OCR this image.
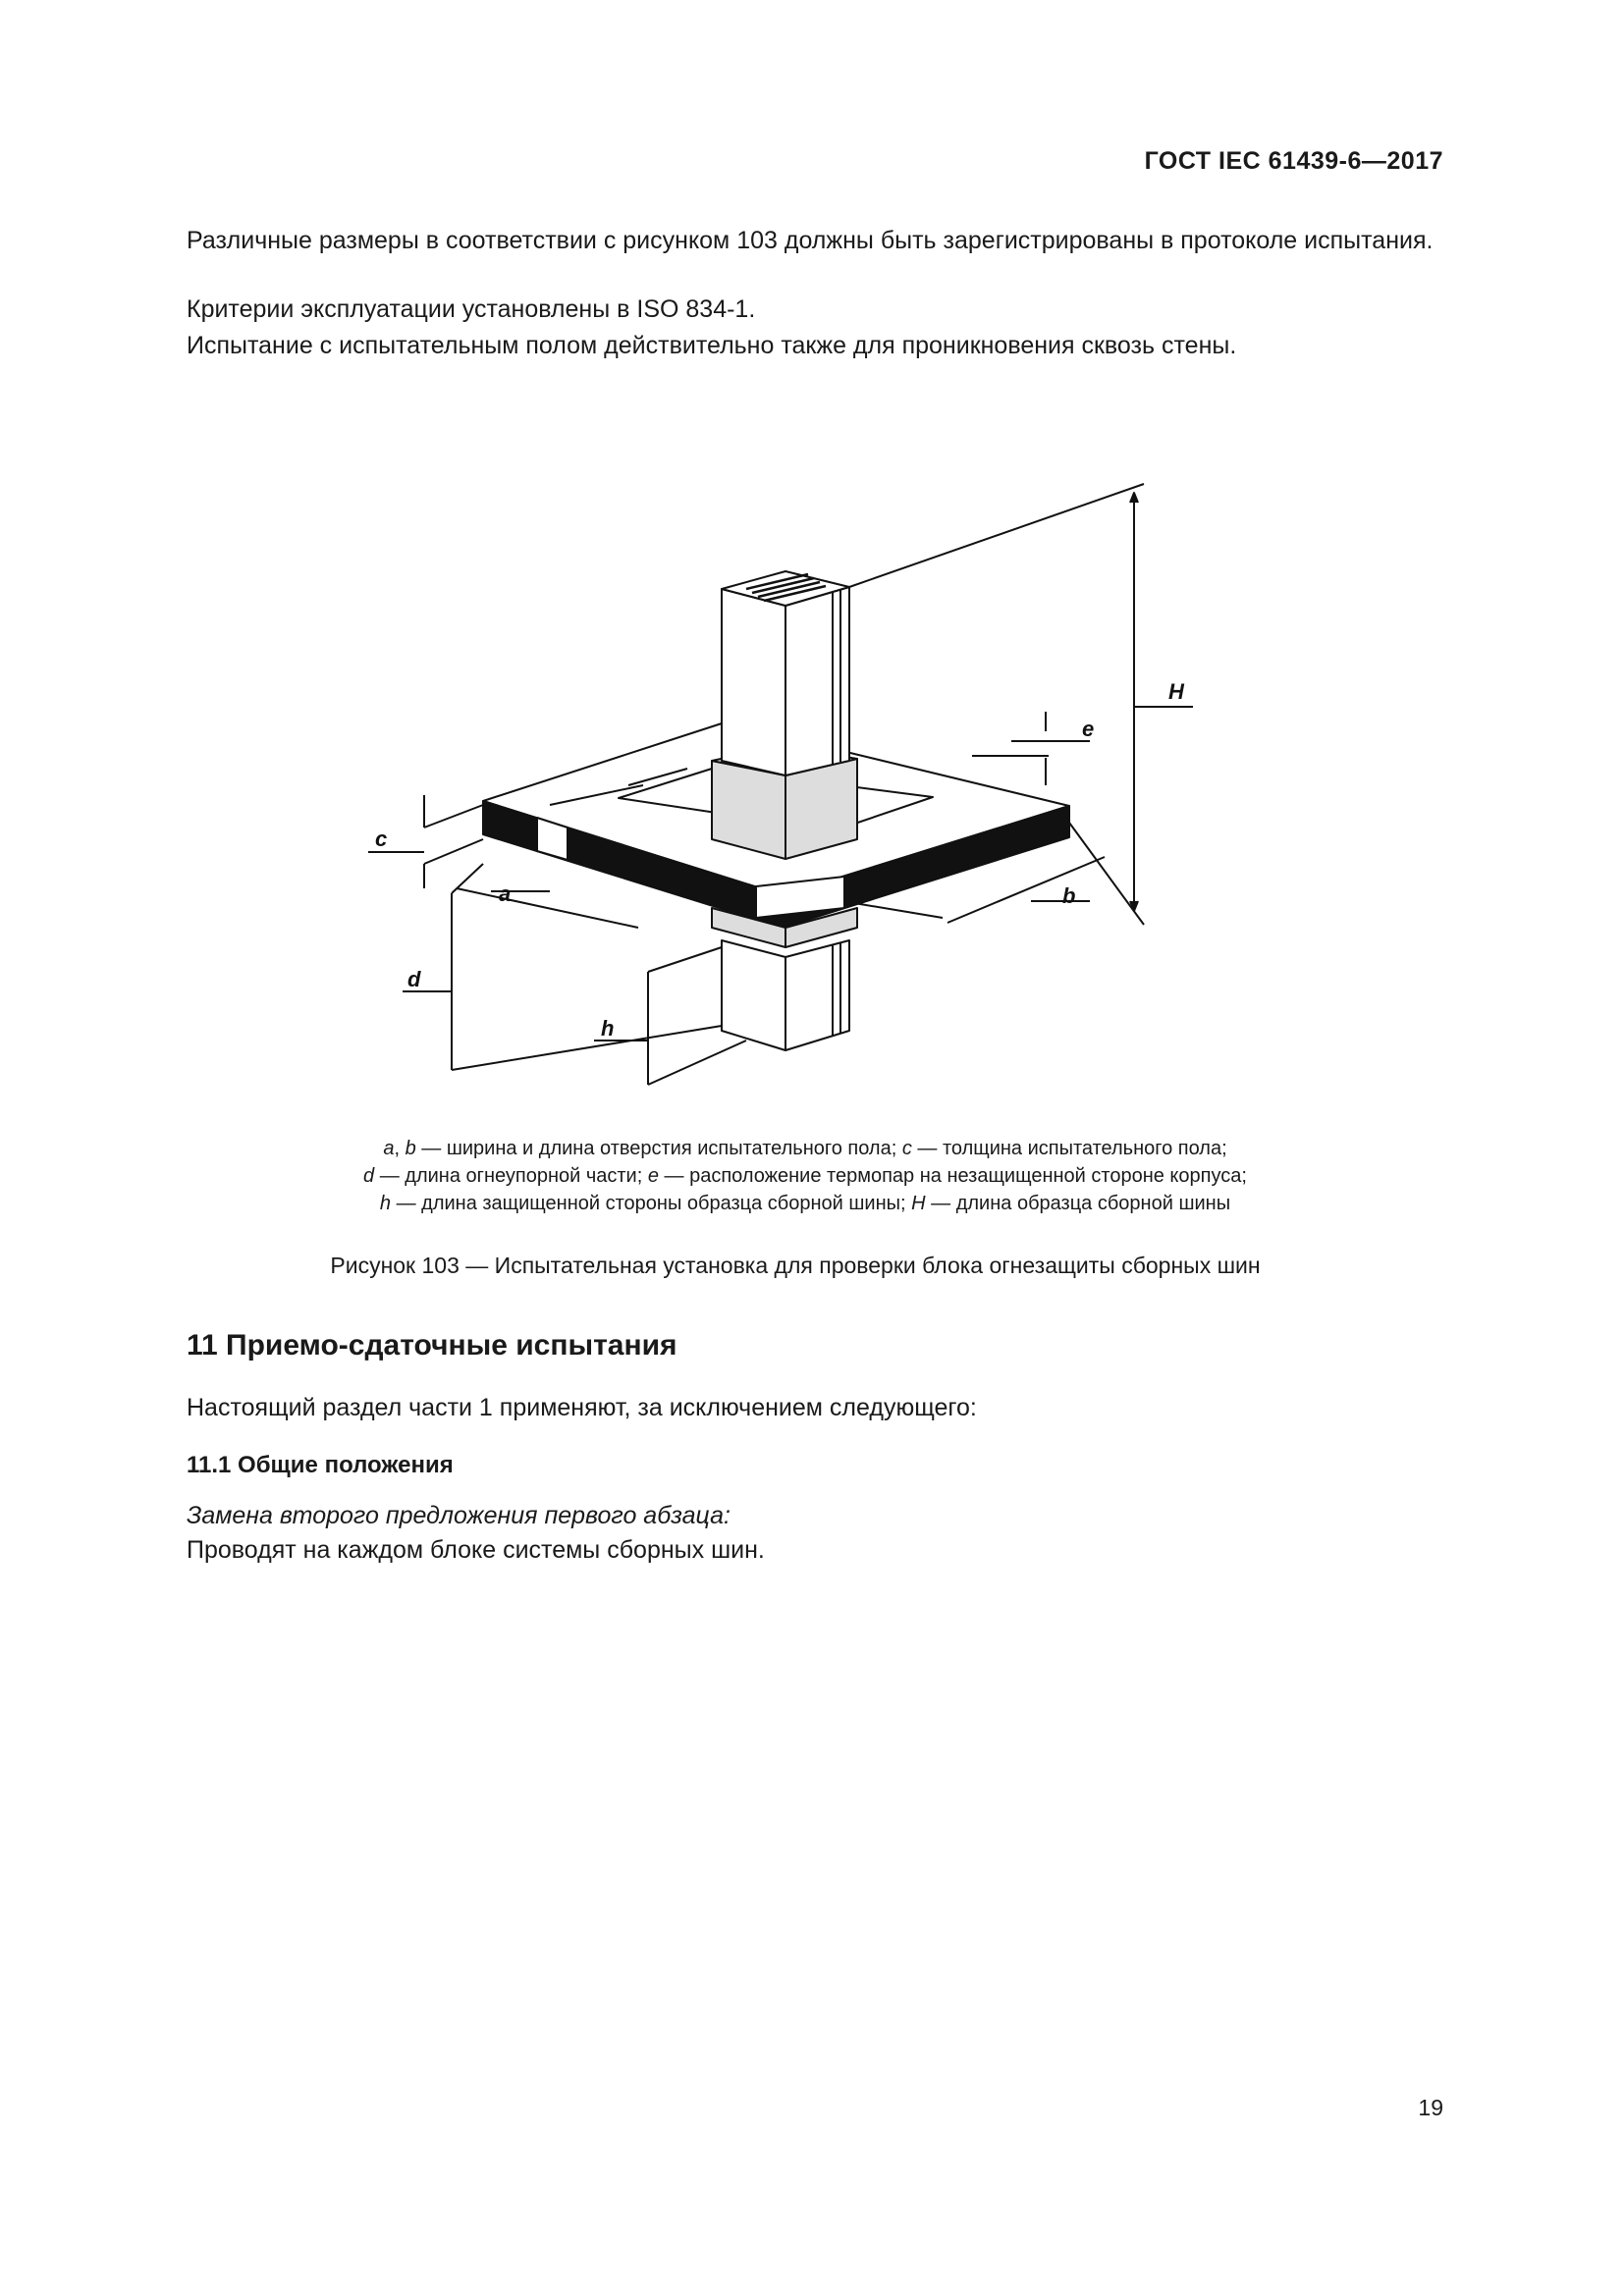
ГОСТ IEC 61439-6—2017
Различные размеры в соответствии с рисунком 103 должны быть зарегистрированы в протоколе испытания.
Критерии эксплуатации установлены в ISO 834-1.
Испытание с испытательным полом действительно также для проникновения сквозь стены.
H
e
c
a	b
d
h
a, b — ширина и длина отверстия испытательного пола; c — толщина испытательного пола;
d — длина огнеупорной части; e — расположение термопар на незащищенной стороне корпуса;
h — длина защищенной стороны образца сборной шины; H — длина образца сборной шины
Рисунок 103 — Испытательная установка для проверки блока огнезащиты сборных шин
11 Приемо-сдаточные испытания
Настоящий раздел части 1 применяют, за исключением следующего:
11.1 Общие положения
Замена второго предложения первого абзаца:
Проводят на каждом блоке системы сборных шин.
19
